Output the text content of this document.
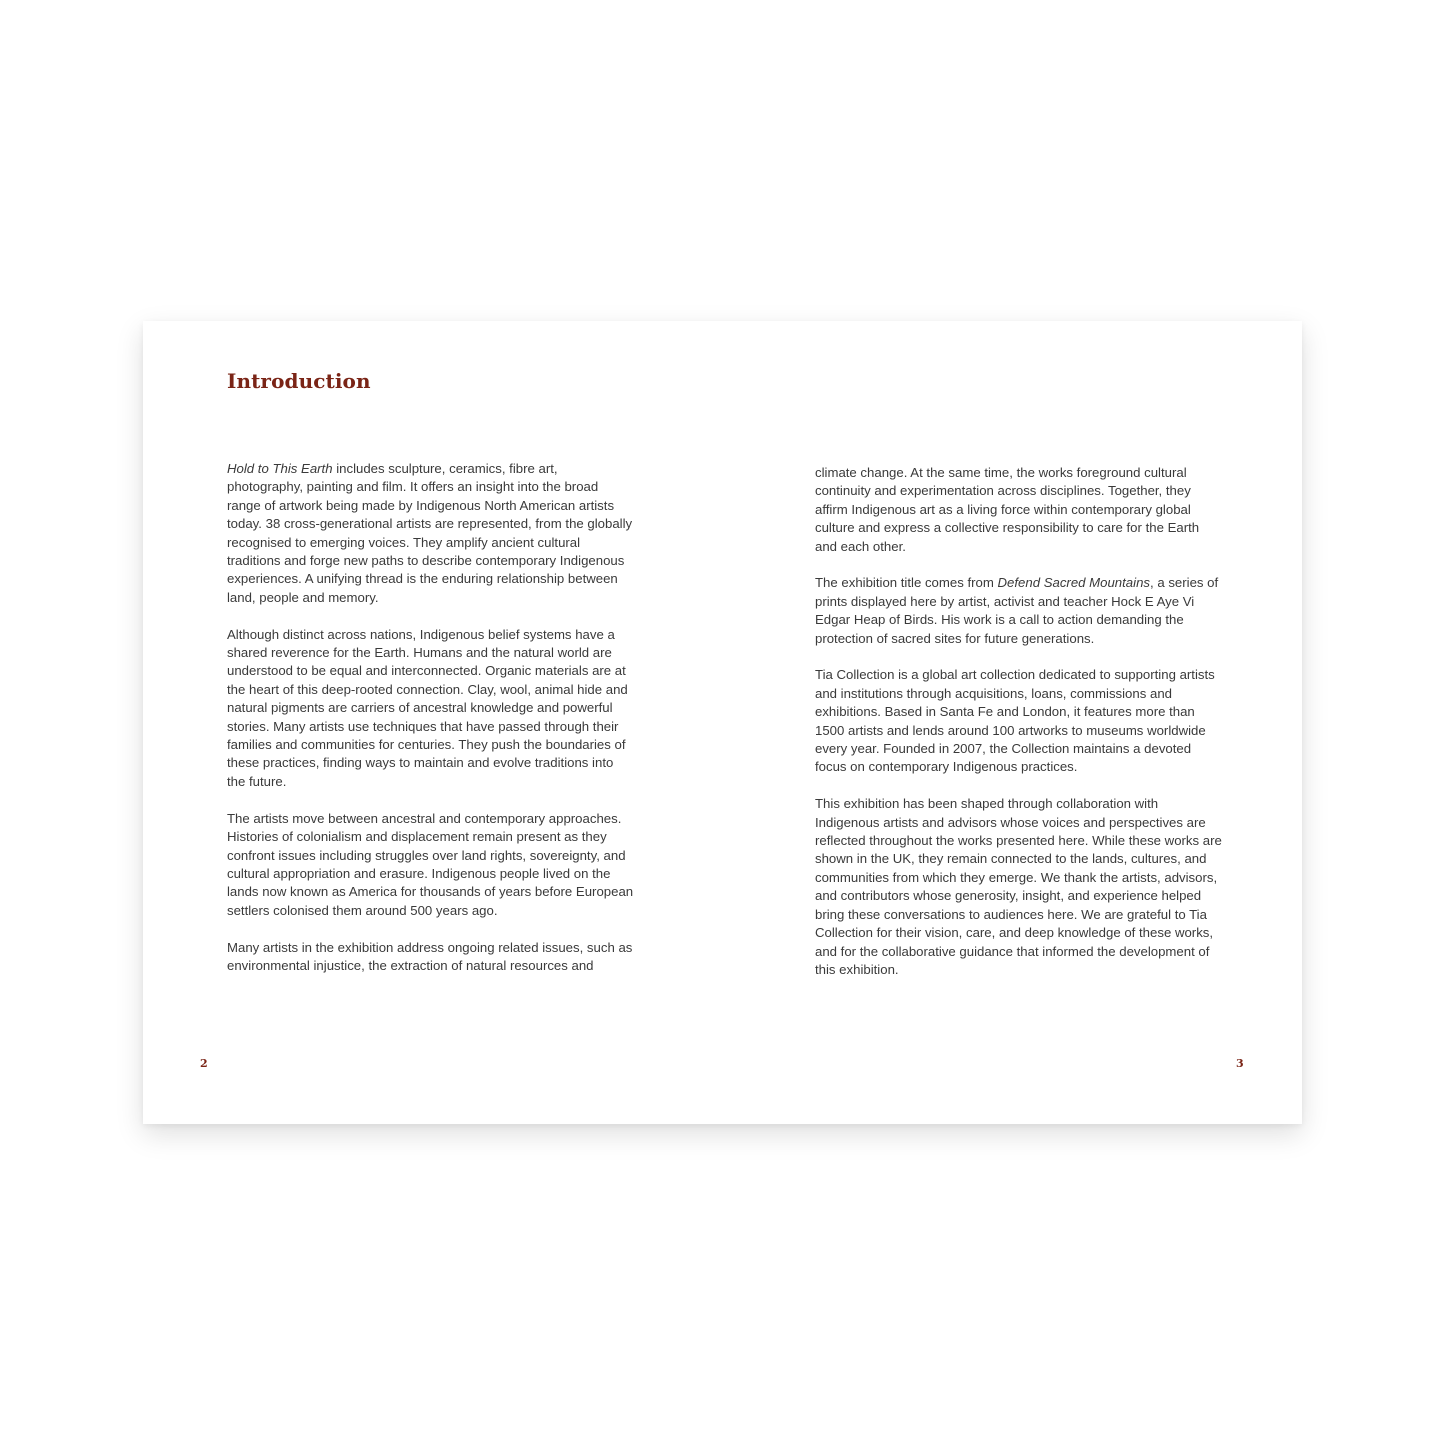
Introduction

Hold to This Earth includes sculpture, ceramics, fibre art, photography, painting and film. It offers an insight into the broad range of artwork being made by Indigenous North American artists today. 38 cross-generational artists are represented, from the globally recognised to emerging voices. They amplify ancient cultural traditions and forge new paths to describe contemporary Indigenous experiences. A unifying thread is the enduring relationship between land, people and memory.

Although distinct across nations, Indigenous belief systems have a shared reverence for the Earth. Humans and the natural world are understood to be equal and interconnected. Organic materials are at the heart of this deep-rooted connection. Clay, wool, animal hide and natural pigments are carriers of ancestral knowledge and powerful stories. Many artists use techniques that have passed through their families and communities for centuries. They push the boundaries of these practices, finding ways to maintain and evolve traditions into the future.

The artists move between ancestral and contemporary approaches. Histories of colonialism and displacement remain present as they confront issues including struggles over land rights, sovereignty, and cultural appropriation and erasure. Indigenous people lived on the lands now known as America for thousands of years before European settlers colonised them around 500 years ago.

Many artists in the exhibition address ongoing related issues, such as environmental injustice, the extraction of natural resources and

climate change. At the same time, the works foreground cultural continuity and experimentation across disciplines. Together, they affirm Indigenous art as a living force within contemporary global culture and express a collective responsibility to care for the Earth and each other.

The exhibition title comes from Defend Sacred Mountains, a series of prints displayed here by artist, activist and teacher Hock E Aye Vi Edgar Heap of Birds. His work is a call to action demanding the protection of sacred sites for future generations.

Tia Collection is a global art collection dedicated to supporting artists and institutions through acquisitions, loans, commissions and exhibitions. Based in Santa Fe and London, it features more than 1500 artists and lends around 100 artworks to museums worldwide every year. Founded in 2007, the Collection maintains a devoted focus on contemporary Indigenous practices.

This exhibition has been shaped through collaboration with Indigenous artists and advisors whose voices and perspectives are reflected throughout the works presented here. While these works are shown in the UK, they remain connected to the lands, cultures, and communities from which they emerge. We thank the artists, advisors, and contributors whose generosity, insight, and experience helped bring these conversations to audiences here. We are grateful to Tia Collection for their vision, care, and deep knowledge of these works, and for the collaborative guidance that informed the development of this exhibition.

2	3
